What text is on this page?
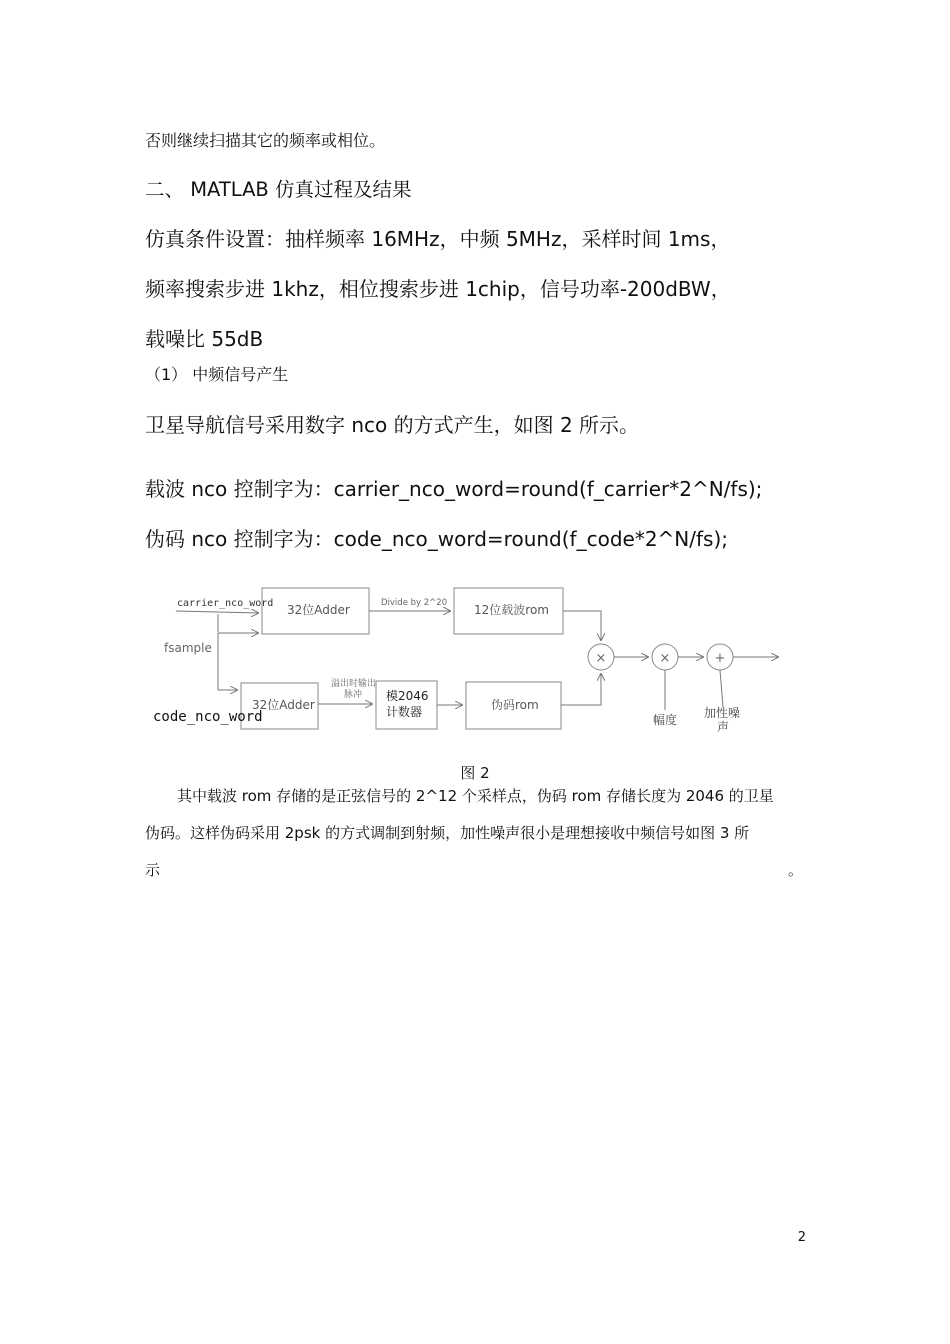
否则继续扫描其它的频率或相位。
二、 MATLAB 仿真过程及结果
仿真条件设置：抽样频率 16MHz，中频 5MHz，采样时间 1ms，
频率搜索步进 1khz，相位搜索步进 1chip，信号功率-200dBW，
载噪比 55dB
（1） 中频信号产生
卫星导航信号采用数字 nco 的方式产生，如图 2 所示。
载波 nco 控制字为：carrier_nco_word=round(f_carrier*2^N/fs);
伪码 nco 控制字为：code_nco_word=round(f_code*2^N/fs);
carrier_nco_word
fsample
code_nco_word
32位Adder	Divide by 2^20 12位载波rom
32位Adder
溢出时输出
脉冲 模2046
计数器	伪码rom
×	×	+
幅度 加性噪
声
图 2
其中载波 rom 存储的是正弦信号的 2^12 个采样点，伪码 rom 存储长度为 2046 的卫星
伪码。这样伪码采用 2psk 的方式调制到射频，加性噪声很小是理想接收中频信号如图 3 所
示	。
2
